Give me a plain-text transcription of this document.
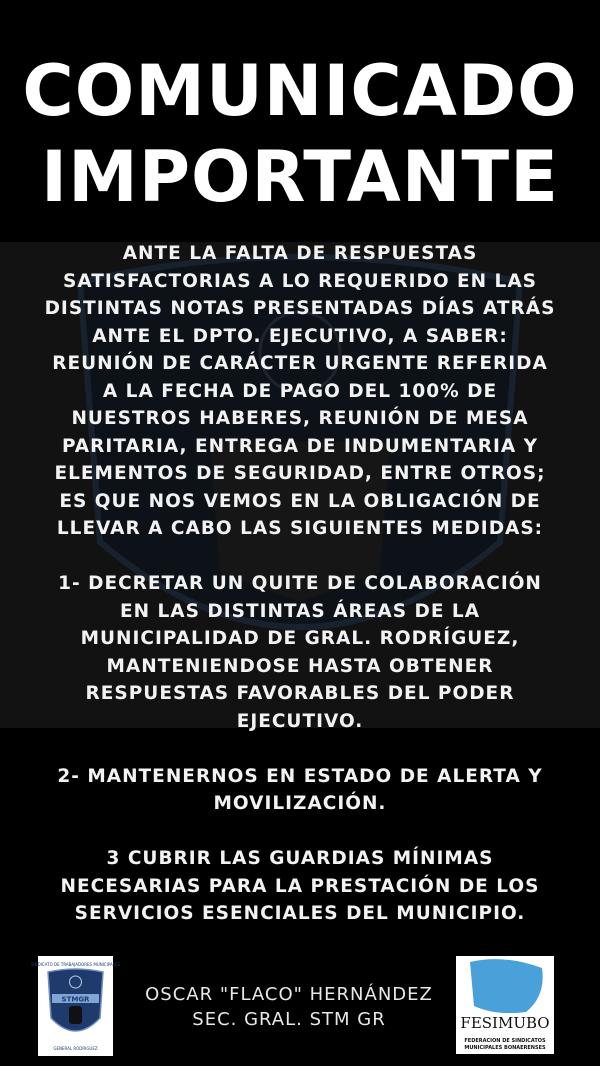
COMUNICADO
IMPORTANTE

ANTE LA FALTA DE RESPUESTAS

SATISFACTORIAS A LO REQUERIDO EN LAS

DISTINTAS NOTAS PRESENTADAS DÍAS ATRÁS

ANTE EL DPTO. EJECUTIVO, A SABER:

REUNIÓN DE CARÁCTER URGENTE REFERIDA

A LA FECHA DE PAGO DEL 100% DE

NUESTROS HABERES, REUNIÓN DE MESA

PARITARIA, ENTREGA DE INDUMENTARIA Y

ELEMENTOS DE SEGURIDAD, ENTRE OTROS;

ES QUE NOS VEMOS EN LA OBLIGACIÓN DE

LLEVAR A CABO LAS SIGUIENTES MEDIDAS:

1- DECRETAR UN QUITE DE COLABORACIÓN

EN LAS DISTINTAS ÁREAS DE LA

MUNICIPALIDAD DE GRAL. RODRÍGUEZ,

MANTENIENDOSE HASTA OBTENER

RESPUESTAS FAVORABLES DEL PODER

EJECUTIVO.

2- MANTENERNOS EN ESTADO DE ALERTA Y

MOVILIZACIÓN.

3 CUBRIR LAS GUARDIAS MÍNIMAS

NECESARIAS PARA LA PRESTACIÓN DE LOS

SERVICIOS ESENCIALES DEL MUNICIPIO.

SINDICATO DE TRABAJADORES MUNICIPALES
STMGR
GENERAL RODRIGUEZ
OSCAR "FLACO" HERNÁNDEZ
SEC. GRAL. STM GR	FESIMUBO
FEDERACION DE SINDICATOS
MUNICIPALES BONAERENSES
